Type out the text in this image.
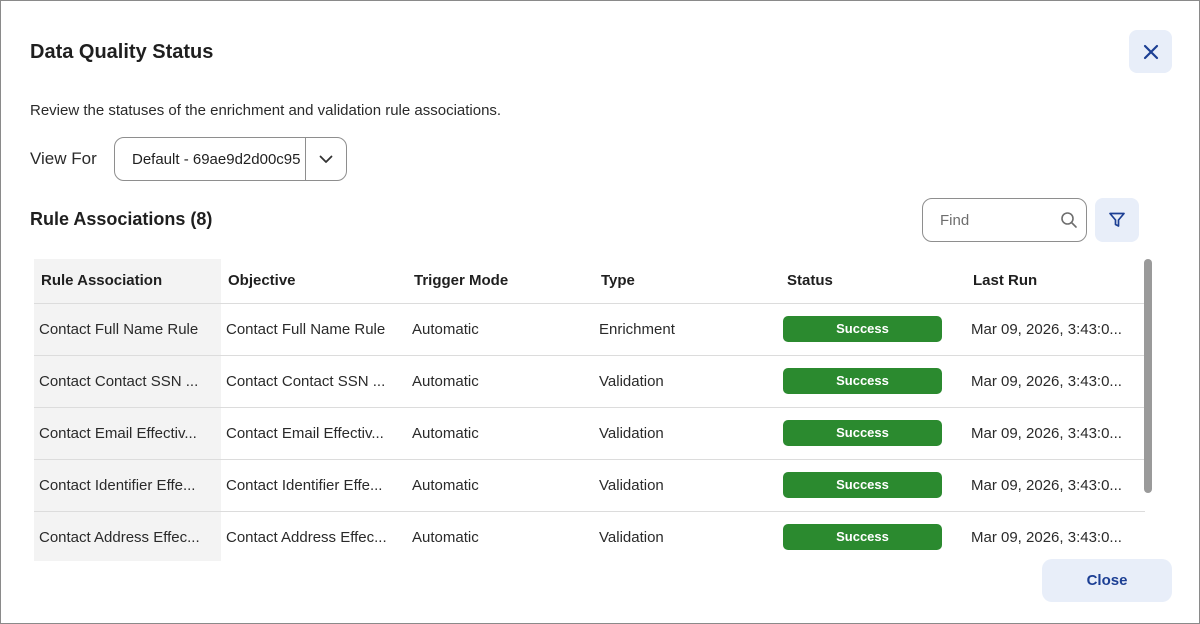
Data Quality Status
Review the statuses of the enrichment and validation rule associations.
View For	Default - 69ae9d2d00c95
Rule Associations (8)
Find
Rule Association	Objective	Trigger Mode	Type	Status	Last Run
Contact Full Name Rule	Contact Full Name Rule	Automatic	Enrichment	Success	Mar 09, 2026, 3:43:0...
Contact Contact SSN ...	Contact Contact SSN ...	Automatic	Validation	Success	Mar 09, 2026, 3:43:0...
Contact Email Effectiv...	Contact Email Effectiv...	Automatic	Validation	Success	Mar 09, 2026, 3:43:0...
Contact Identifier Effe...	Contact Identifier Effe...	Automatic	Validation	Success	Mar 09, 2026, 3:43:0...
Contact Address Effec...	Contact Address Effec...	Automatic	Validation	Success	Mar 09, 2026, 3:43:0...
Close
